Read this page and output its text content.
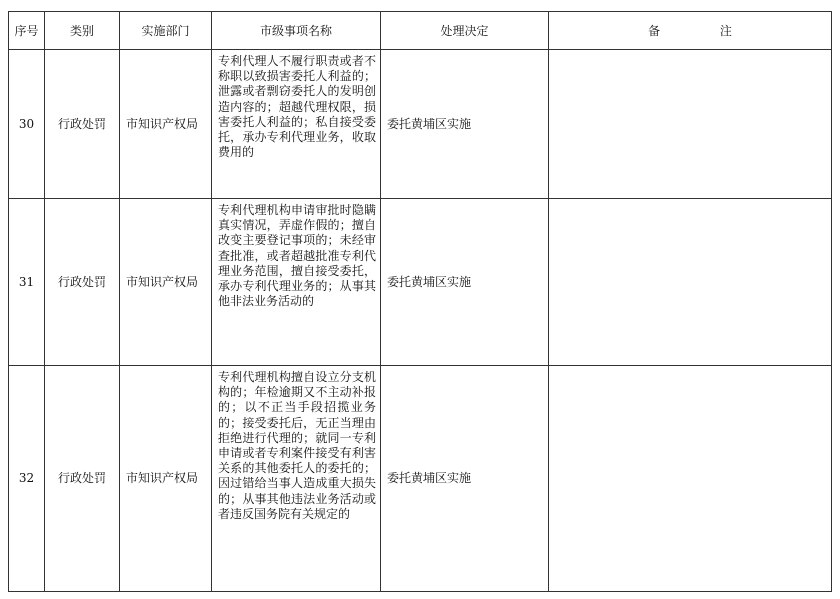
序号	类别	实施部门	市级事项名称	处理决定	备 注
30	行政处罚	市知识产权局	专利代理人不履行职责或者不称职以致损害委托人利益的；泄露或者剽窃委托人的发明创造内容的；超越代理权限，损害委托人利益的；私自接受委托，承办专利代理业务，收取费用的	委托黄埔区实施	
31	行政处罚	市知识产权局	专利代理机构申请审批时隐瞒真实情况，弄虚作假的；擅自改变主要登记事项的；未经审查批准，或者超越批准专利代理业务范围，擅自接受委托，承办专利代理业务的；从事其他非法业务活动的	委托黄埔区实施	
32	行政处罚	市知识产权局	专利代理机构擅自设立分支机构的；年检逾期又不主动补报的；以不正当手段招揽业务的；接受委托后，无正当理由拒绝进行代理的；就同一专利申请或者专利案件接受有利害关系的其他委托人的委托的；因过错给当事人造成重大损失的；从事其他违法业务活动或者违反国务院有关规定的	委托黄埔区实施	
